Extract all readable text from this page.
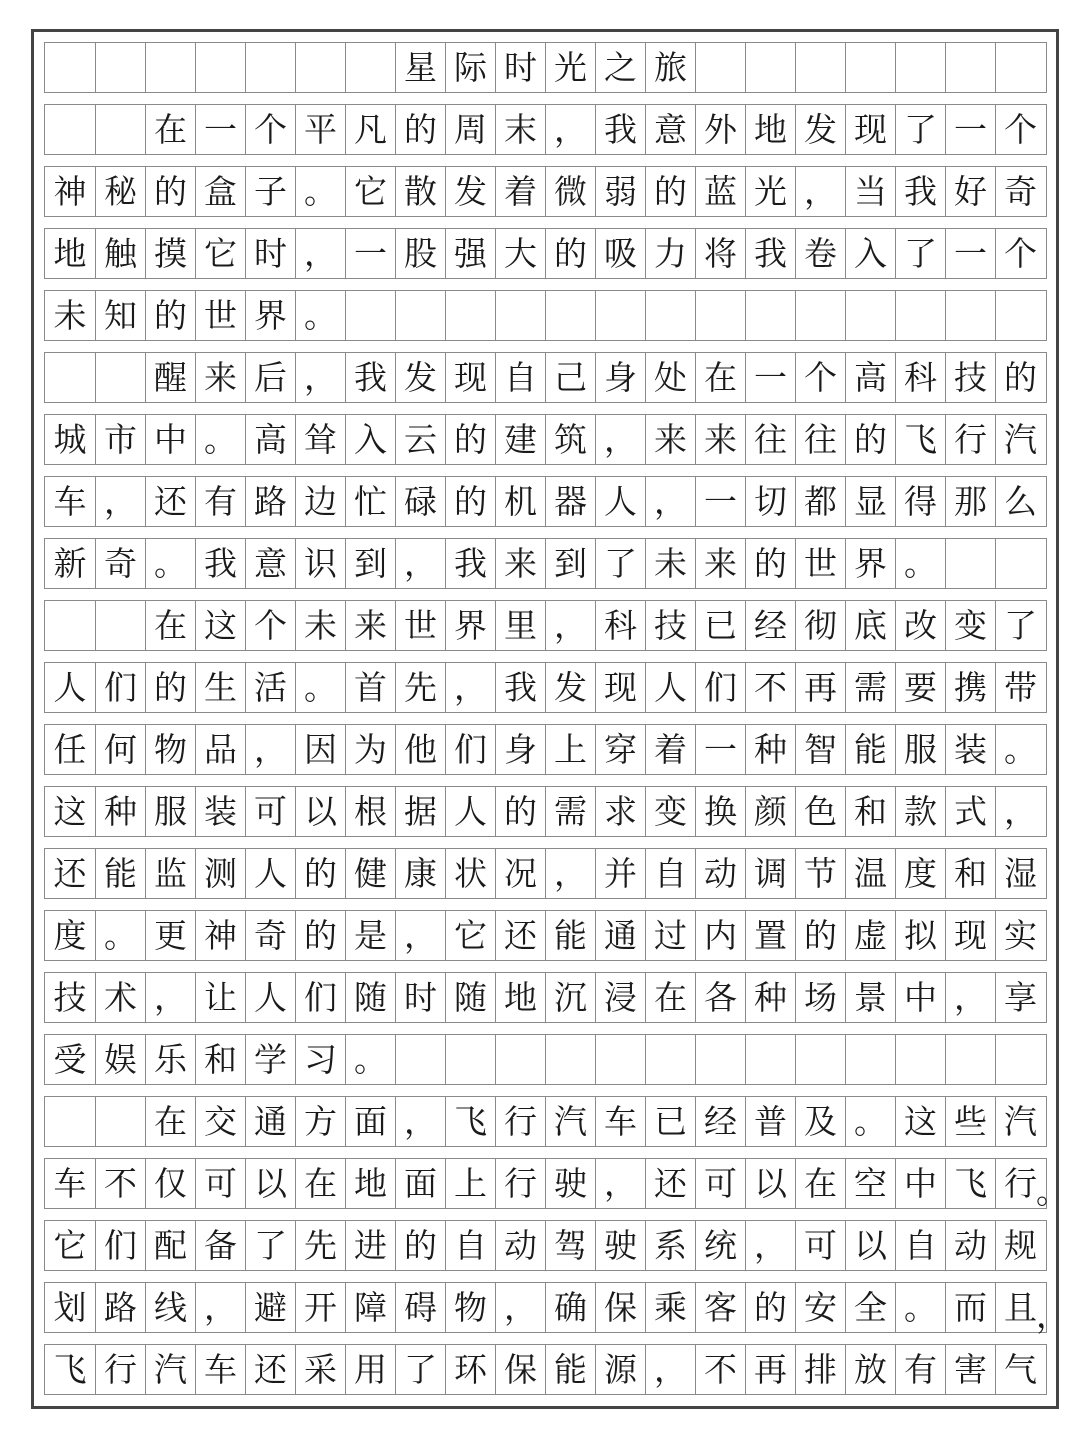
星 际 时 光 之 旅
在 一 个 平 凡 的 周 末 ， 我 意 外 地 发 现 了 一 个
神 秘 的 盒 子 。 它 散 发 着 微 弱 的 蓝 光 ， 当 我 好 奇
地 触 摸 它 时 ， 一 股 强 大 的 吸 力 将 我 卷 入 了 一 个
未 知 的 世 界 。
醒 来 后 ， 我 发 现 自 己 身 处 在 一 个 高 科 技 的
城 市 中 。 高 耸 入 云 的 建 筑 ， 来 来 往 往 的 飞 行 汽
车 ， 还 有 路 边 忙 碌 的 机 器 人 ， 一 切 都 显 得 那 么
新 奇 。 我 意 识 到 ， 我 来 到 了 未 来 的 世 界 。
在 这 个 未 来 世 界 里 ， 科 技 已 经 彻 底 改 变 了
人 们 的 生 活 。 首 先 ， 我 发 现 人 们 不 再 需 要 携 带
任 何 物 品 ， 因 为 他 们 身 上 穿 着 一 种 智 能 服 装 。
这 种 服 装 可 以 根 据 人 的 需 求 变 换 颜 色 和 款 式 ，
还 能 监 测 人 的 健 康 状 况 ， 并 自 动 调 节 温 度 和 湿
度 。 更 神 奇 的 是 ， 它 还 能 通 过 内 置 的 虚 拟 现 实
技 术 ， 让 人 们 随 时 随 地 沉 浸 在 各 种 场 景 中 ， 享
受 娱 乐 和 学 习 。
在 交 通 方 面 ， 飞 行 汽 车 已 经 普 及 。 这 些 汽
车 不 仅 可 以 在 地 面 上 行 驶 ， 还 可 以 在 空 中 飞 行
它 们 配 备 了 先 进 的 自 动 驾 驶 系 统 ， 可 以 自 动 规
划 路 线 ， 避 开 障 碍 物 ， 确 保 乘 客 的 安 全 。 而 且
飞 行 汽 车 还 采 用 了 环 保 能 源 ， 不 再 排 放 有 害 气
。
，
